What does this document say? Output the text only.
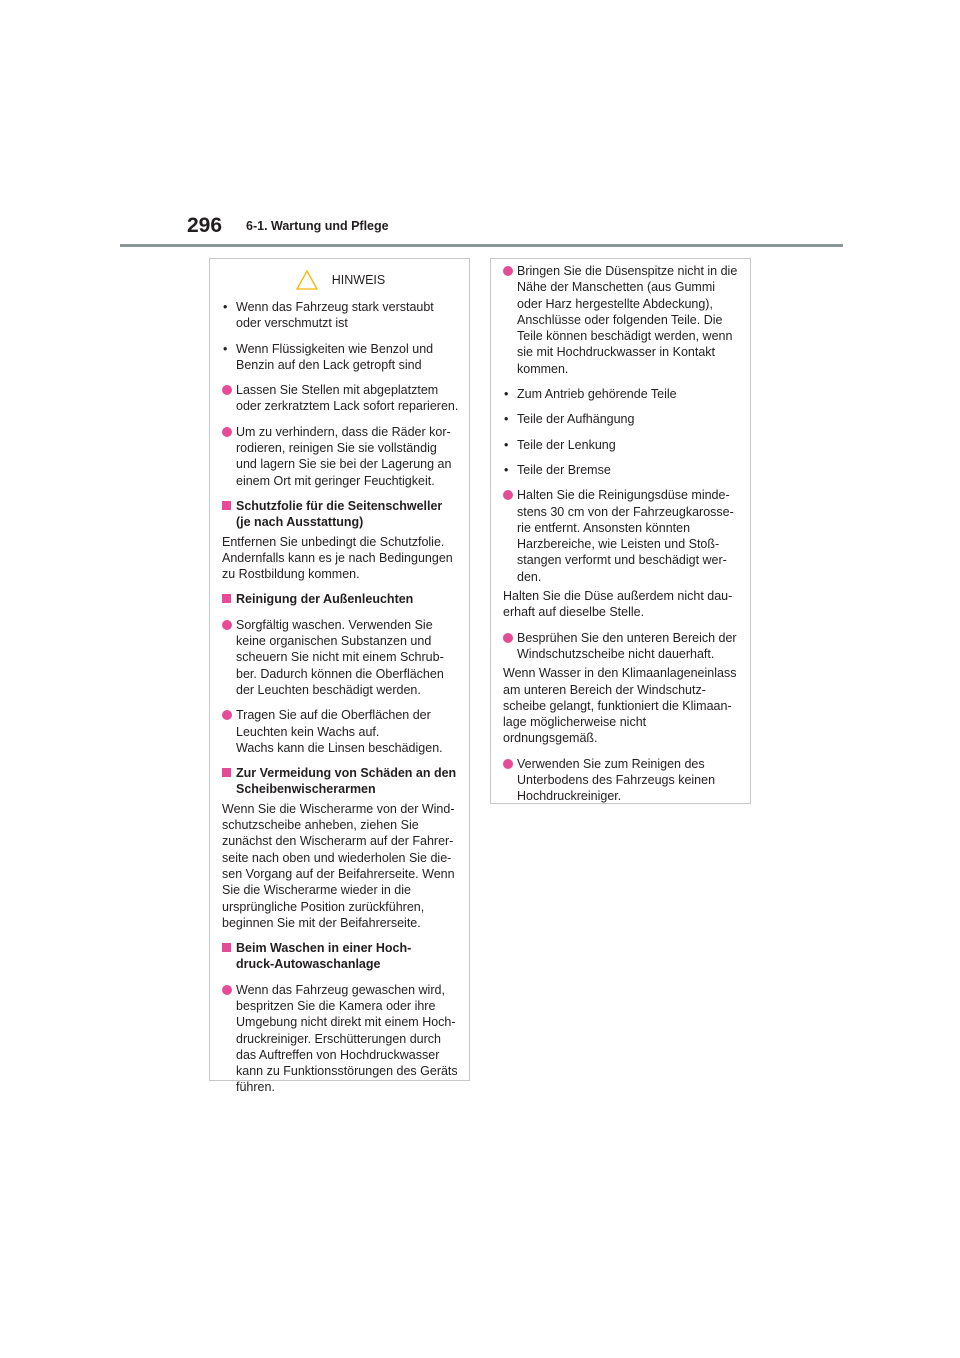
296 6-1. Wartung und Pflege
HINWEIS
• Wenn das Fahrzeug stark verstaubt
oder verschmutzt ist
• Wenn Flüssigkeiten wie Benzol und
Benzin auf den Lack getropft sind
Lassen Sie Stellen mit abgeplatztem
oder zerkratztem Lack sofort reparieren.
Um zu verhindern, dass die Räder kor-
rodieren, reinigen Sie sie vollständig
und lagern Sie sie bei der Lagerung an
einem Ort mit geringer Feuchtigkeit.
Schutzfolie für die Seitenschweller
(je nach Ausstattung)
Entfernen Sie unbedingt die Schutzfolie.
Andernfalls kann es je nach Bedingungen
zu Rostbildung kommen.
Reinigung der Außenleuchten
Sorgfältig waschen. Verwenden Sie
keine organischen Substanzen und
scheuern Sie nicht mit einem Schrub-
ber. Dadurch können die Oberflächen
der Leuchten beschädigt werden.
Tragen Sie auf die Oberflächen der
Leuchten kein Wachs auf.
Wachs kann die Linsen beschädigen.
Zur Vermeidung von Schäden an den
Scheibenwischerarmen
Wenn Sie die Wischerarme von der Wind-
schutzscheibe anheben, ziehen Sie
zunächst den Wischerarm auf der Fahrer-
seite nach oben und wiederholen Sie die-
sen Vorgang auf der Beifahrerseite. Wenn
Sie die Wischerarme wieder in die
ursprüngliche Position zurückführen,
beginnen Sie mit der Beifahrerseite.
Beim Waschen in einer Hoch-
druck-Autowaschanlage
Wenn das Fahrzeug gewaschen wird,
bespritzen Sie die Kamera oder ihre
Umgebung nicht direkt mit einem Hoch-
druckreiniger. Erschütterungen durch
das Auftreffen von Hochdruckwasser
kann zu Funktionsstörungen des Geräts
führen.
Bringen Sie die Düsenspitze nicht in die
Nähe der Manschetten (aus Gummi
oder Harz hergestellte Abdeckung),
Anschlüsse oder folgenden Teile. Die
Teile können beschädigt werden, wenn
sie mit Hochdruckwasser in Kontakt
kommen.
• Zum Antrieb gehörende Teile
• Teile der Aufhängung
• Teile der Lenkung
• Teile der Bremse
Halten Sie die Reinigungsdüse minde-
stens 30 cm von der Fahrzeugkarosse-
rie entfernt. Ansonsten könnten
Harzbereiche, wie Leisten und Stoß-
stangen verformt und beschädigt wer-
den.
Halten Sie die Düse außerdem nicht dau-
erhaft auf dieselbe Stelle.
Besprühen Sie den unteren Bereich der
Windschutzscheibe nicht dauerhaft.
Wenn Wasser in den Klimaanlageneinlass
am unteren Bereich der Windschutz-
scheibe gelangt, funktioniert die Klimaan-
lage möglicherweise nicht
ordnungsgemäß.
Verwenden Sie zum Reinigen des
Unterbodens des Fahrzeugs keinen
Hochdruckreiniger.
